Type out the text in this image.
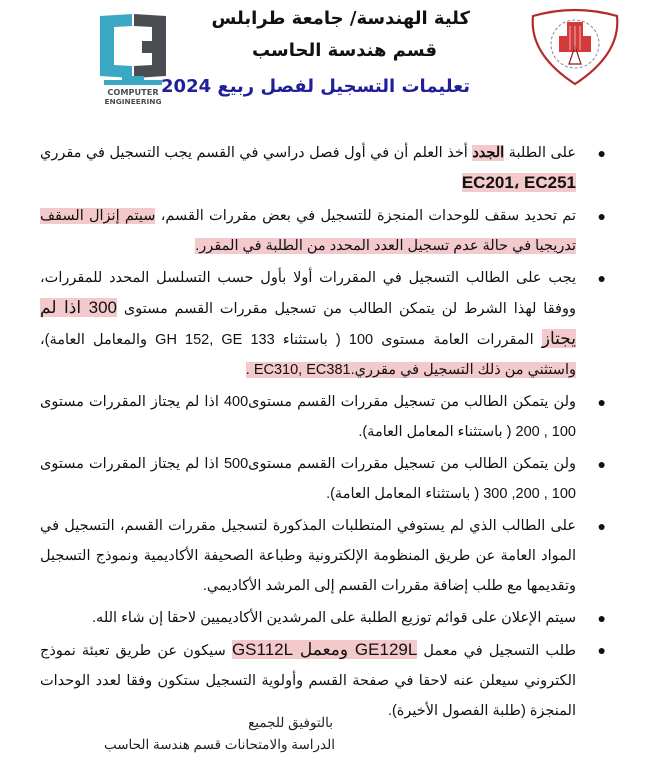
COMPUTER
ENGINEERING
كلية الهندسة/ جامعة طرابلس
قسم هندسة الحاسب
تعليمات التسجيل لفصل ربيع 2024
●
على الطلبة الجدد أخذ العلم أن في أول فصل دراسي في القسم يجب التسجيل في مقرري EC201، EC251
●
تم تحديد سقف للوحدات المنجزة للتسجيل في بعض مقررات القسم، سيتم إنزال السقف تدريجيا في حالة عدم تسجيل العدد المحدد من الطلبة في المقرر.
●
يجب على الطالب التسجيل في المقررات أولا بأول حسب التسلسل المحدد للمقررات، ووفقا لهذا الشرط لن يتمكن الطالب من تسجيل مقررات القسم مستوى 300 اذا لم يجتاز المقررات العامة مستوى 100 ( باستثناء GH 152, GE 133 والمعامل العامة)، واستثني من ذلك التسجيل في مقرري.EC310, EC381 .
●
ولن يتمكن الطالب من تسجيل مقررات القسم مستوى400 اذا لم يجتاز المقررات مستوى 100 , 200 ( باستثناء المعامل العامة).
●
ولن يتمكن الطالب من تسجيل مقررات القسم مستوى500 اذا لم يجتاز المقررات مستوى 100 , 200, 300 ( باستثناء المعامل العامة).
●
على الطالب الذي لم يستوفي المتطلبات المذكورة لتسجيل مقررات القسم، التسجيل في المواد العامة عن طريق المنظومة الإلكترونية وطباعة الصحيفة الأكاديمية ونموذج التسجيل وتقديمها مع طلب إضافة مقررات القسم إلى المرشد الأكاديمي.
●
سيتم الإعلان على قوائم توزيع الطلبة على المرشدين الأكاديميين لاحقا إن شاء الله.
●
طلب التسجيل في معمل GE129L ومعمل GS112L سيكون عن طريق تعبئة نموذج الكتروني سيعلن عنه لاحقا في صفحة القسم وأولوية التسجيل ستكون وفقا لعدد الوحدات المنجزة (طلبة الفصول الأخيرة).
بالتوفيق للجميع
الدراسة والامتحانات قسم هندسة الحاسب
